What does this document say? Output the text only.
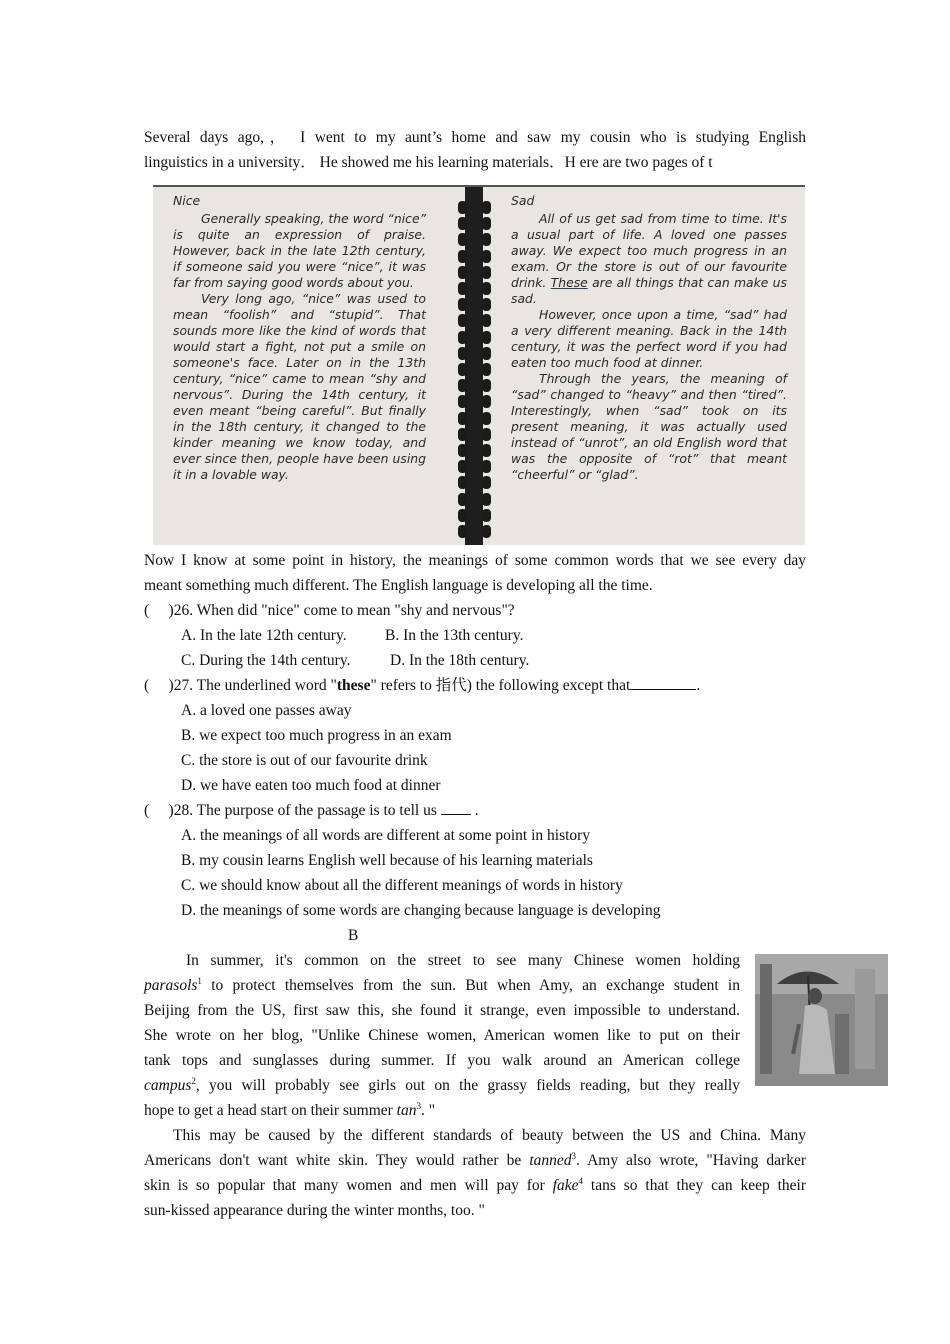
Several days ago,， I went to my aunt’s home and saw my cousin who is studying English
linguistics in a university． He showed me his learning materials．H ere are two pages of t
Nice

Generally speaking, the word “nice” is quite an expression of praise. However, back in the late 12th century, if someone said you were “nice”, it was far from saying good words about you.

Very long ago, “nice” was used to mean “foolish” and “stupid”. That sounds more like the kind of words that would start a fight, not put a smile on someone's face. Later on in the 13th century, “nice” came to mean “shy and nervous”. During the 14th century, it even meant “being careful”. But finally in the 18th century, it changed to the kinder meaning we know today, and ever since then, people have been using it in a lovable way.

Sad

All of us get sad from time to time. It's a usual part of life. A loved one passes away. We expect too much progress in an exam. Or the store is out of our favourite drink. These are all things that can make us sad.

However, once upon a time, “sad” had a very different meaning. Back in the 14th century, it was the perfect word if you had eaten too much food at dinner.

Through the years, the meaning of “sad” changed to “heavy” and then “tired”. Interestingly, when “sad” took on its present meaning, it was actually used instead of “unrot”, an old English word that was the opposite of “rot” that meant “cheerful” or “glad”.

Now I know at some point in history, the meanings of some common words that we see every day
meant something much different. The English language is developing all the time.
(     )26. When did "nice" come to mean "shy and nervous"?
A. In the late 12th century. B. In the 13th century.
C. During the 14th century.	D. In the 18th century.
(     )27. The underlined word "these" refers to 指代) the following except that	.
A. a loved one passes away
B. we expect too much progress in an exam
C. the store is out of our favourite drink
D. we have eaten too much food at dinner
(     )28. The purpose of the passage is to tell us  .
A. the meanings of all words are different at some point in history
B. my cousin learns English well because of his learning materials
C. we should know about all the different meanings of words in history
D. the meanings of some words are changing because language is developing
B
In summer, it's common on the street to see many Chinese women holding
parasols$^1$ to protect themselves from the sun. But when Amy, an exchange student in
Beijing from the US, first saw this, she found it strange, even impossible to understand.
She wrote on her blog, "Unlike Chinese women, American women like to put on their
tank tops and sunglasses during summer. If you walk around an American college
campus$^2$, you will probably see girls out on the grassy fields reading, but they really
hope to get a head start on their summer $\tan^3$. "
This may be caused by the different standards of beauty between the US and China. Many
Americans don't want white skin. They would rather be tanned$^3$. Amy also wrote, "Having darker
skin is so popular that many women and men will pay for fake$^4$ tans so that they can keep their
sun-kissed appearance during the winter months, too. "
